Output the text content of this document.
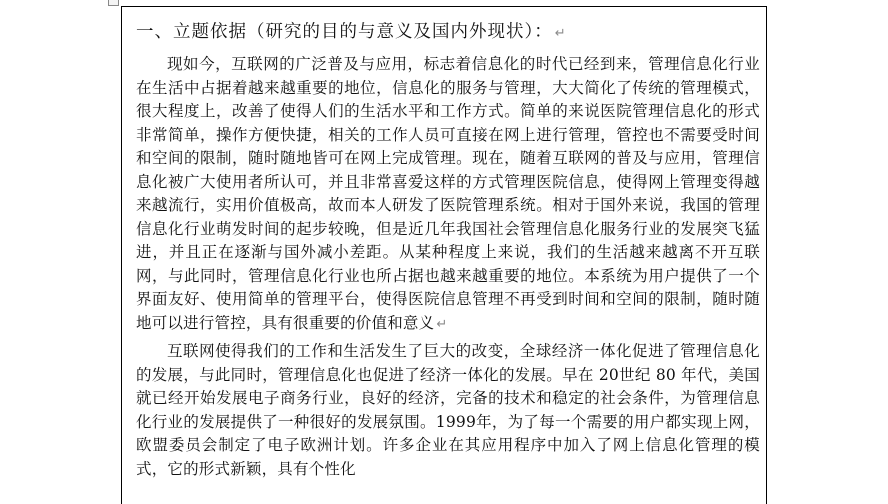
一、立题依据（研究的目的与意义及国内外现状）： ↵

现如今，互联网的广泛普及与应用，标志着信息化的时代已经到来，管理信息化行业在生活中占据着越来越重要的地位，信息化的服务与管理，大大简化了传统的管理模式，很大程度上，改善了使得人们的生活水平和工作方式。简单的来说医院管理信息化的形式非常简单，操作方便快捷，相关的工作人员可直接在网上进行管理，管控也不需要受时间和空间的限制，随时随地皆可在网上完成管理。现在，随着互联网的普及与应用，管理信息化被广大使用者所认可，并且非常喜爱这样的方式管理医院信息，使得网上管理变得越来越流行，实用价值极高，故而本人研发了医院管理系统。相对于国外来说，我国的管理信息化行业萌发时间的起步较晚，但是近几年我国社会管理信息化服务行业的发展突飞猛进，并且正在逐渐与国外减小差距。从某种程度上来说，我们的生活越来越离不开互联网，与此同时，管理信息化行业也所占据也越来越重要的地位。本系统为用户提供了一个界面友好、使用简单的管理平台，使得医院信息管理不再受到时间和空间的限制，随时随地可以进行管控，具有很重要的价值和意义 ↵

互联网使得我们的工作和生活发生了巨大的改变，全球经济一体化促进了管理信息化的发展，与此同时，管理信息化也促进了经济一体化的发展。早在 20世纪 80 年代，美国就已经开始发展电子商务行业，良好的经济，完备的技术和稳定的社会条件，为管理信息化行业的发展提供了一种很好的发展氛围。1999年，为了每一个需要的用户都实现上网，欧盟委员会制定了电子欧洲计划。许多企业在其应用程序中加入了网上信息化管理的模式，它的形式新颖，具有个性化
